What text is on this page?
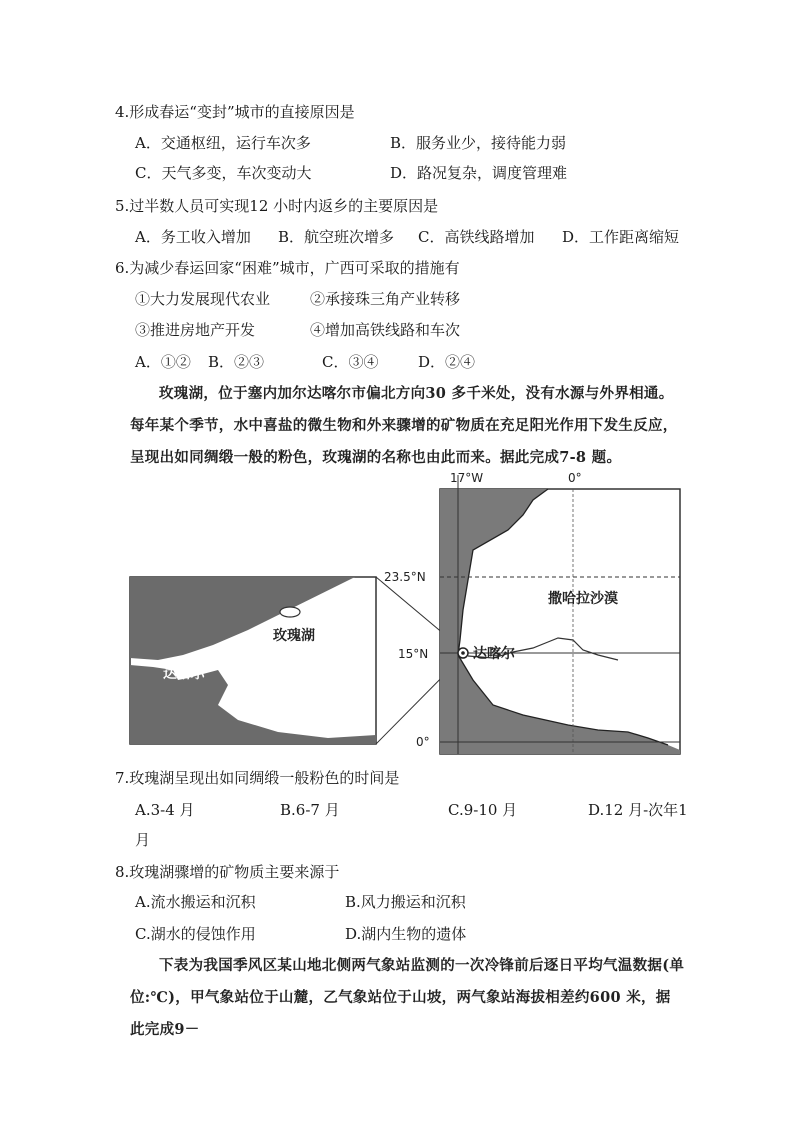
4.形成春运“变封”城市的直接原因是
A．交通枢纽，运行车次多	B．服务业少，接待能力弱
C．天气多变，车次变动大	D．路况复杂，调度管理难
5.过半数人员可实现12 小时内返乡的主要原因是
A．务工收入增加 B．航空班次增多 C．高铁线路增加 D．工作距离缩短
6.为减少春运回家“困难”城市，广西可采取的措施有
①大力发展现代农业	②承接珠三角产业转移
③推进房地产开发	④增加高铁线路和车次
A．①② B．②③	C．③④	D．②④

玫瑰湖，位于塞内加尔达喀尔市偏北方向30 多千米处，没有水源与外界相通。每年某个季节，水中喜盐的微生物和外来骤增的矿物质在充足阳光作用下发生反应，呈现出如同绸缎一般的粉色，玫瑰湖的名称也由此而来。据此完成7-8 题。

玫瑰湖
达喀尔
达喀尔
撒哈拉沙漠
17°W	0°
23.5°N
15°N
0°
7.玫瑰湖呈现出如同绸缎一般粉色的时间是
A.3-4 月	B.6-7 月	C.9-10 月	D.12 月-次年1
月
8.玫瑰湖骤增的矿物质主要来源于
A.流水搬运和沉积	B.风力搬运和沉积
C.湖水的侵蚀作用	D.湖内生物的遗体

下表为我国季风区某山地北侧两气象站监测的一次冷锋前后逐日平均气温数据(单位:℃)，甲气象站位于山麓，乙气象站位于山坡，两气象站海拔相差约600 米，据此完成9－
